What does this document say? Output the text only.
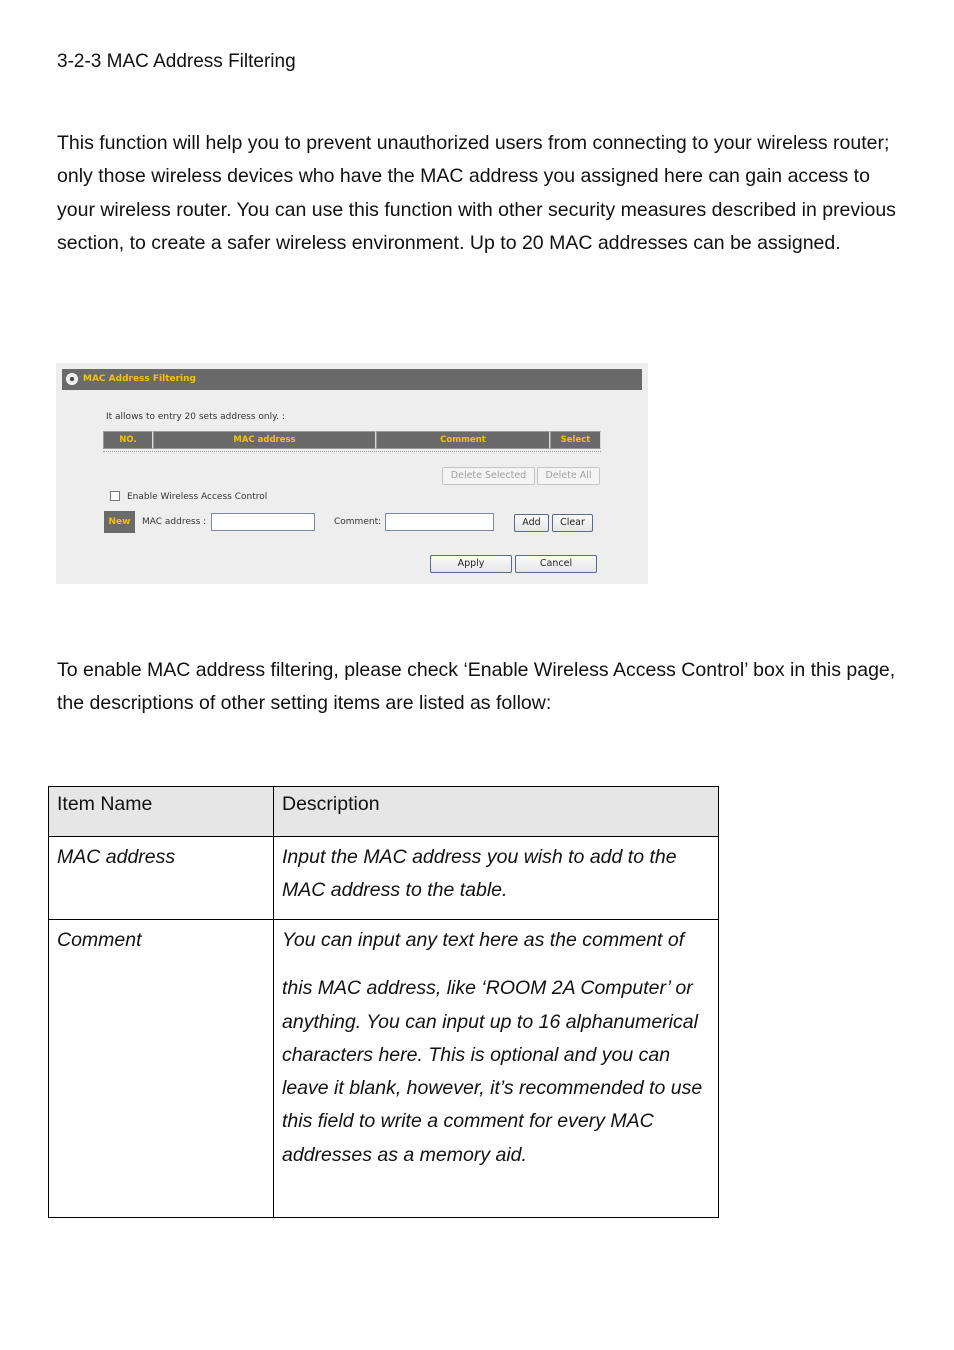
3-2-3 MAC Address Filtering

This function will help you to prevent unauthorized users from connecting to your wireless router; only those wireless devices who have the MAC address you assigned here can gain access to your wireless router. You can use this function with other security measures described in previous section, to create a safer wireless environment. Up to 20 MAC addresses can be assigned.

MAC Address Filtering
It allows to entry 20 sets address only. :
NO.	MAC address	Comment	Select
Delete Selected	Delete All
Enable Wireless Access Control
New	MAC address :	Comment:	Add	Clear
Apply	Cancel

To enable MAC address filtering, please check ‘Enable Wireless Access Control’ box in this page, the descriptions of other setting items are listed as follow:

Item Name	Description
MAC address	Input the MAC address you wish to add to the MAC address to the table.
Comment	You can input any text here as the comment of
this MAC address, like ‘ROOM 2A Computer’ or anything. You can input up to 16 alphanumerical characters here. This is optional and you can leave it blank, however, it’s recommended to use this field to write a comment for every MAC addresses as a memory aid.
